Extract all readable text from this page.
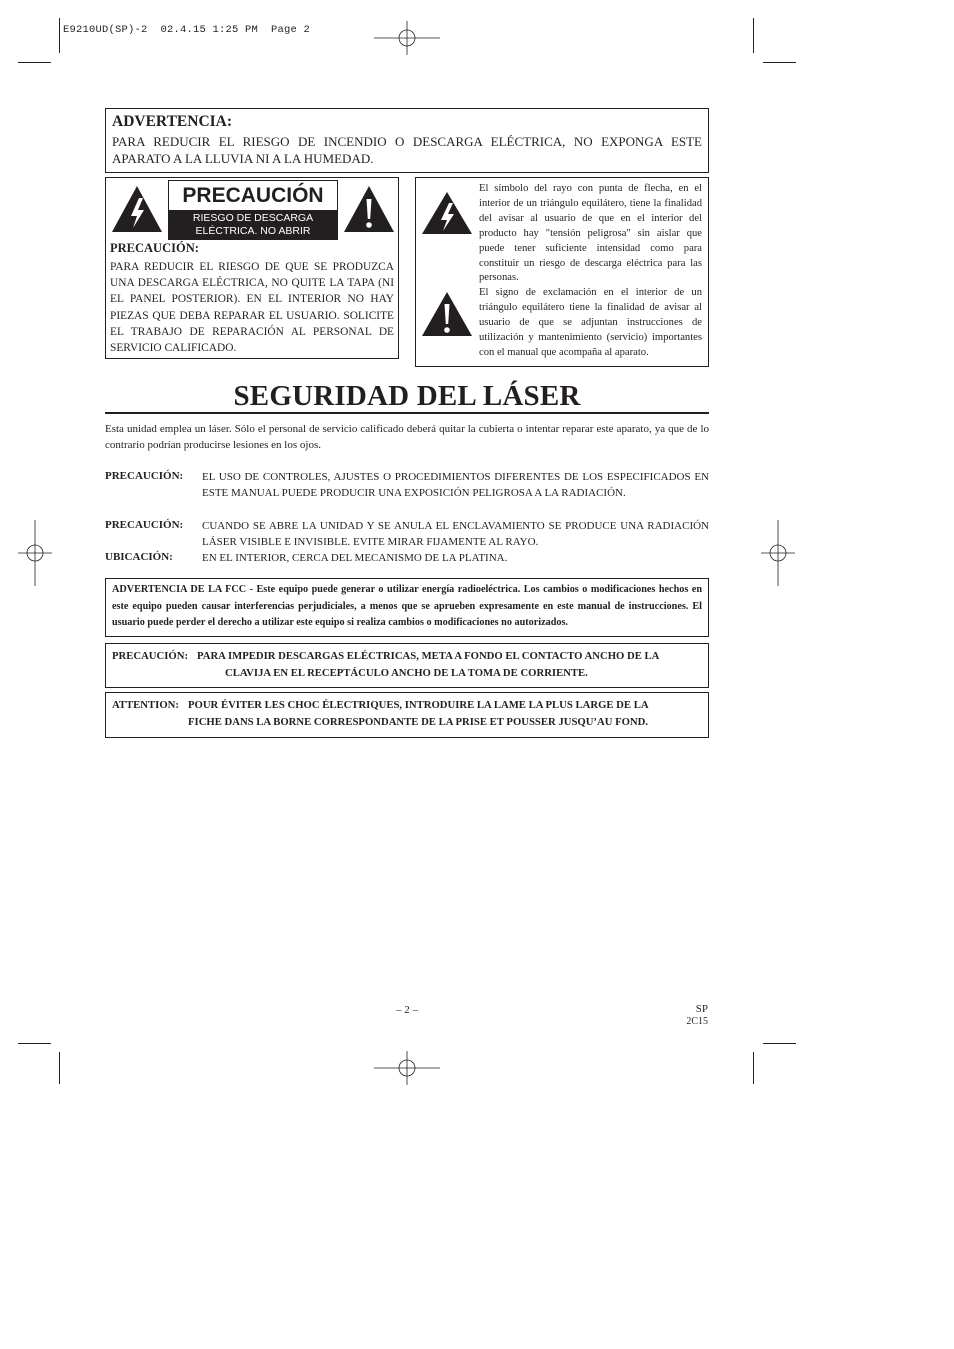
E9210UD(SP)-2  02.4.15 1:25 PM  Page 2
ADVERTENCIA:
PARA REDUCIR EL RIESGO DE INCENDIO O DESCARGA ELÉCTRICA, NO EXPONGA ESTE APARATO A LA LLUVIA NI A LA HUMEDAD.
PRECAUCIÓN
RIESGO DE DESCARGA
ELÉCTRICA. NO ABRIR
PRECAUCIÓN:
PARA REDUCIR EL RIESGO DE QUE SE PRODUZCA UNA DESCARGA ELÉCTRICA, NO QUITE LA TAPA (NI EL PANEL POSTERIOR). EN EL INTERIOR NO HAY PIEZAS QUE DEBA REPARAR EL USUARIO. SOLICITE EL TRABAJO DE REPARACIÓN AL PERSONAL DE SERVICIO CALIFICADO.
El símbolo del rayo con punta de flecha, en el interior de un triángulo equilátero, tiene la finalidad del avisar al usuario de que en el interior del producto hay "tensión peligrosa" sin aislar que puede tener suficiente intensidad como para constituir un riesgo de descarga eléctrica para las personas.
El signo de exclamación en el interior de un triángulo equilátero tiene la finalidad de avisar al usuario de que se adjuntan instrucciones de utilización y mantenimiento (servicio) importantes con el manual que acompaña al aparato.
SEGURIDAD DEL LÁSER
Esta unidad emplea un láser. Sólo el personal de servicio calificado deberá quitar la cubierta o intentar reparar este aparato, ya que de lo contrario podrían producirse lesiones en los ojos.
PRECAUCIÓN: EL USO DE CONTROLES, AJUSTES O PROCEDIMIENTOS DIFERENTES DE LOS ESPECIFICADOS EN ESTE MANUAL PUEDE PRODUCIR UNA EXPOSICIÓN PELIGROSA A LA RADIACIÓN.
PRECAUCIÓN: CUANDO SE ABRE LA UNIDAD Y SE ANULA EL ENCLAVAMIENTO SE PRODUCE UNA RADIACIÓN LÁSER VISIBLE E INVISIBLE. EVITE MIRAR FIJAMENTE AL RAYO.
UBICACIÓN:	EN EL INTERIOR, CERCA DEL MECANISMO DE LA PLATINA.
ADVERTENCIA DE LA FCC - Este equipo puede generar o utilizar energía radioeléctrica. Los cambios o modificaciones hechos en este equipo pueden causar interferencias perjudiciales, a menos que se aprueben expresamente en este manual de instrucciones. El usuario puede perder el derecho a utilizar este equipo si realiza cambios o modificaciones no autorizados.
PRECAUCIÓN: PARA IMPEDIR DESCARGAS ELÉCTRICAS, META A FONDO EL CONTACTO ANCHO DE LA
CLAVIJA EN EL RECEPTÁCULO ANCHO DE LA TOMA DE CORRIENTE.
ATTENTION: POUR ÉVITER LES CHOC ÉLECTRIQUES, INTRODUIRE LA LAME LA PLUS LARGE DE LA
FICHE DANS LA BORNE CORRESPONDANTE DE LA PRISE ET POUSSER JUSQU’AU FOND.
– 2 –	SP
2C15
